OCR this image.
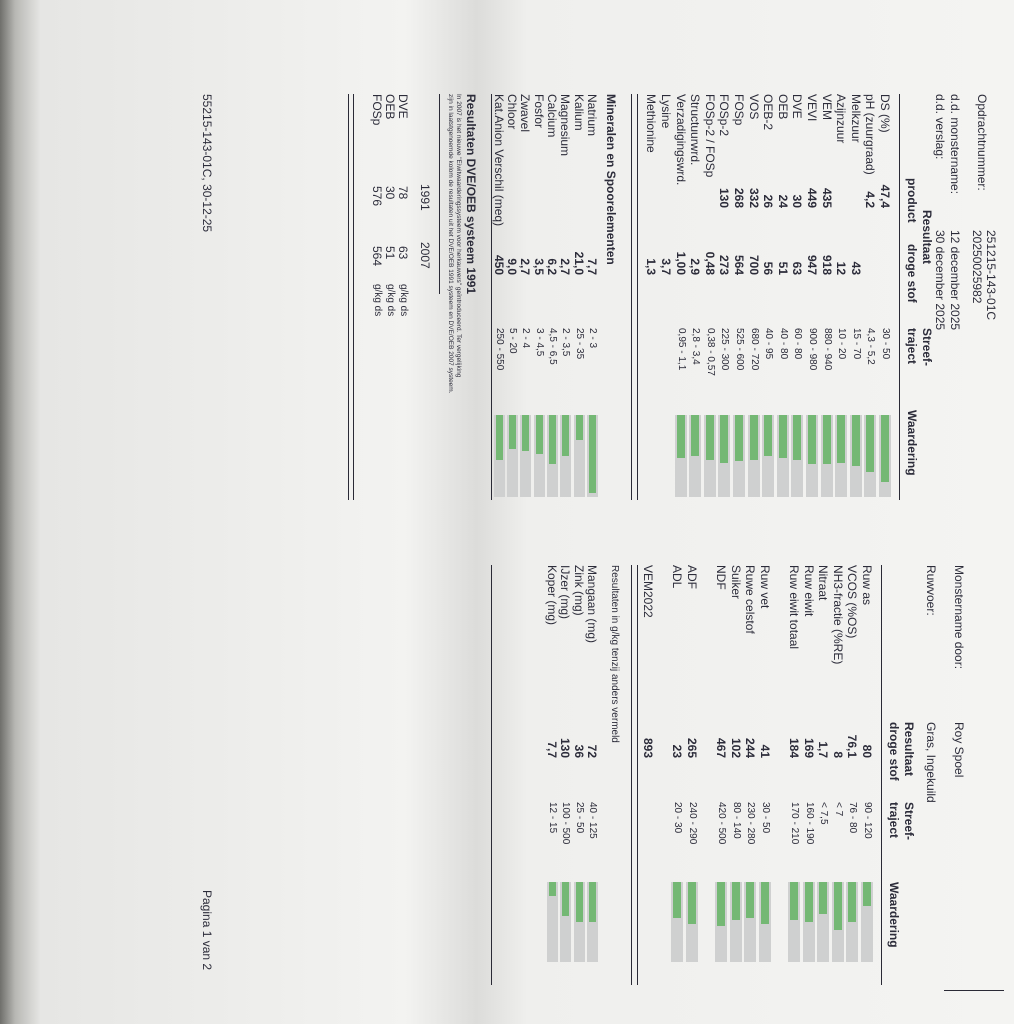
Opdrachtnummer:
251215-143-01C
20250025982
d.d. monstername:
12 december 2025
d.d. verslag:
30 december 2025
Monstername door:
Roy Spoel
Ruwvoer:
Gras, Ingekuild
Resultaat
product
droge stof
Streef-
traject
Waardering
Resultaat
droge stof
Streef-
traject
Waardering
DS (%)
47,4
30 - 50
pH (zuurgraad)
4,2
4,3 - 5,2
Melkzuur
43
15 - 70
Azijnzuur
12
10 - 20
VEM
435
918
880 - 940
VEVI
449
947
900 - 980
DVE
30
63
60 - 80
OEB
24
51
40 - 80
OEB-2
26
56
40 - 95
VOS
332
700
680 - 720
FOSp
268
564
525 - 600
FOSp-2
130
273
225 - 300
FOSp-2 / FOSp
0,48
0,38 - 0,57
Structuurwrd.
2,9
2,8 - 3,4
Verzadigingswrd.
1,00
0,95 - 1,1
Lysine
3,7
Methionine
1,3
Mineralen en Spoorelementen
Natrium
7,7
2 - 3
Kalium
21,0
25 - 35
Magnesium
2,7
2 - 3,5
Calcium
6,2
4,5 - 6,5
Fosfor
3,5
3 - 4,5
Zwavel
2,7
2 - 4
Chloor
9,0
5 - 20
Kat.Anion Verschil (meq)
450
250 - 550
Ruw as
80
90 - 120
VCOS (%OS)
76,1
76 - 80
NH3-fractie (%RE)
8
< 7
Nitraat
1,7
< 7,5
Ruw eiwit
169
160 - 190
Ruw eiwit totaal
184
170 - 210
Ruw vet
41
30 - 50
Ruwe celstof
244
230 - 280
Suiker
102
80 - 140
NDF
467
420 - 500
ADF
265
240 - 290
ADL
23
20 - 30
VEM2022
893
Resultaten in g/kg tenzij anders vermeld
Mangaan (mg)
72
40 - 125
Zink (mg)
36
25 - 50
IJzer (mg)
130
100 - 500
Koper (mg)
7,7
12 - 15
Resultaten DVE/OEB systeem 1991
In 2007 is het nieuwe "Eiwitwaarderingssysteem voor herkauwers" geïntroduceerd. Ter vergelijking
zijn in laatstgenoemde kolom de resultaten uit het DVE/OEB 1991 systeem en DVE/OEB 2007 systeem.
1991
2007
DVE
78
63
g/kg ds
OEB
30
51
g/kg ds
FOSp
576
564
g/kg ds
55215-143-01C, 30-12-25
Pagina 1 van 2
